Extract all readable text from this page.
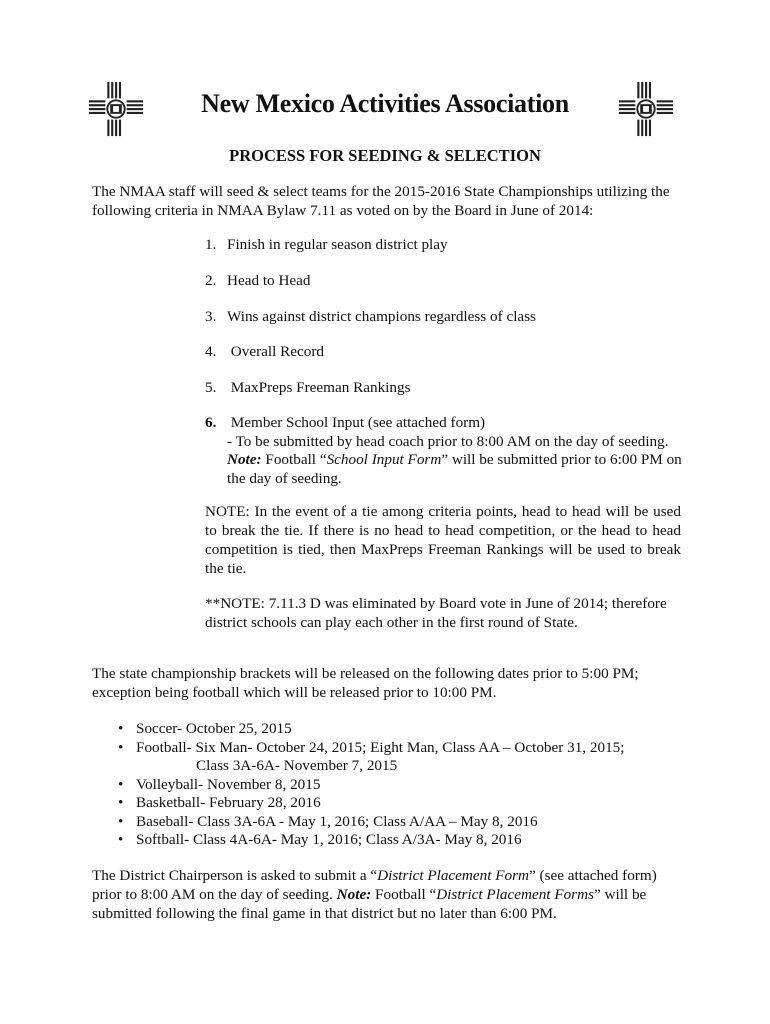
New Mexico Activities Association
PROCESS FOR SEEDING & SELECTION
The NMAA staff will seed & select teams for the 2015-2016 State Championships utilizing the
following criteria in NMAA Bylaw 7.11 as voted on by the Board in June of 2014:
1. Finish in regular season district play
2. Head to Head
3. Wins against district champions regardless of class
4. Overall Record
5. MaxPreps Freeman Rankings
6. Member School Input (see attached form)
- To be submitted by head coach prior to 8:00 AM on the day of seeding.
Note: Football “School Input Form” will be submitted prior to 6:00 PM on
the day of seeding.
NOTE: In the event of a tie among criteria points, head to head will be used to break the tie. If there is no head to head competition, or the head to head competition is tied, then MaxPreps Freeman Rankings will be used to break the tie.
**NOTE: 7.11.3 D was eliminated by Board vote in June of 2014; therefore
district schools can play each other in the first round of State.
The state championship brackets will be released on the following dates prior to 5:00 PM;
exception being football which will be released prior to 10:00 PM.
• Soccer- October 25, 2015
• Football- Six Man- October 24, 2015; Eight Man, Class AA – October 31, 2015;
Class 3A-6A- November 7, 2015
• Volleyball- November 8, 2015
• Basketball- February 28, 2016
• Baseball- Class 3A-6A - May 1, 2016; Class A/AA – May 8, 2016
• Softball- Class 4A-6A- May 1, 2016; Class A/3A- May 8, 2016
The District Chairperson is asked to submit a “District Placement Form” (see attached form)
prior to 8:00 AM on the day of seeding. Note: Football “District Placement Forms” will be
submitted following the final game in that district but no later than 6:00 PM.
